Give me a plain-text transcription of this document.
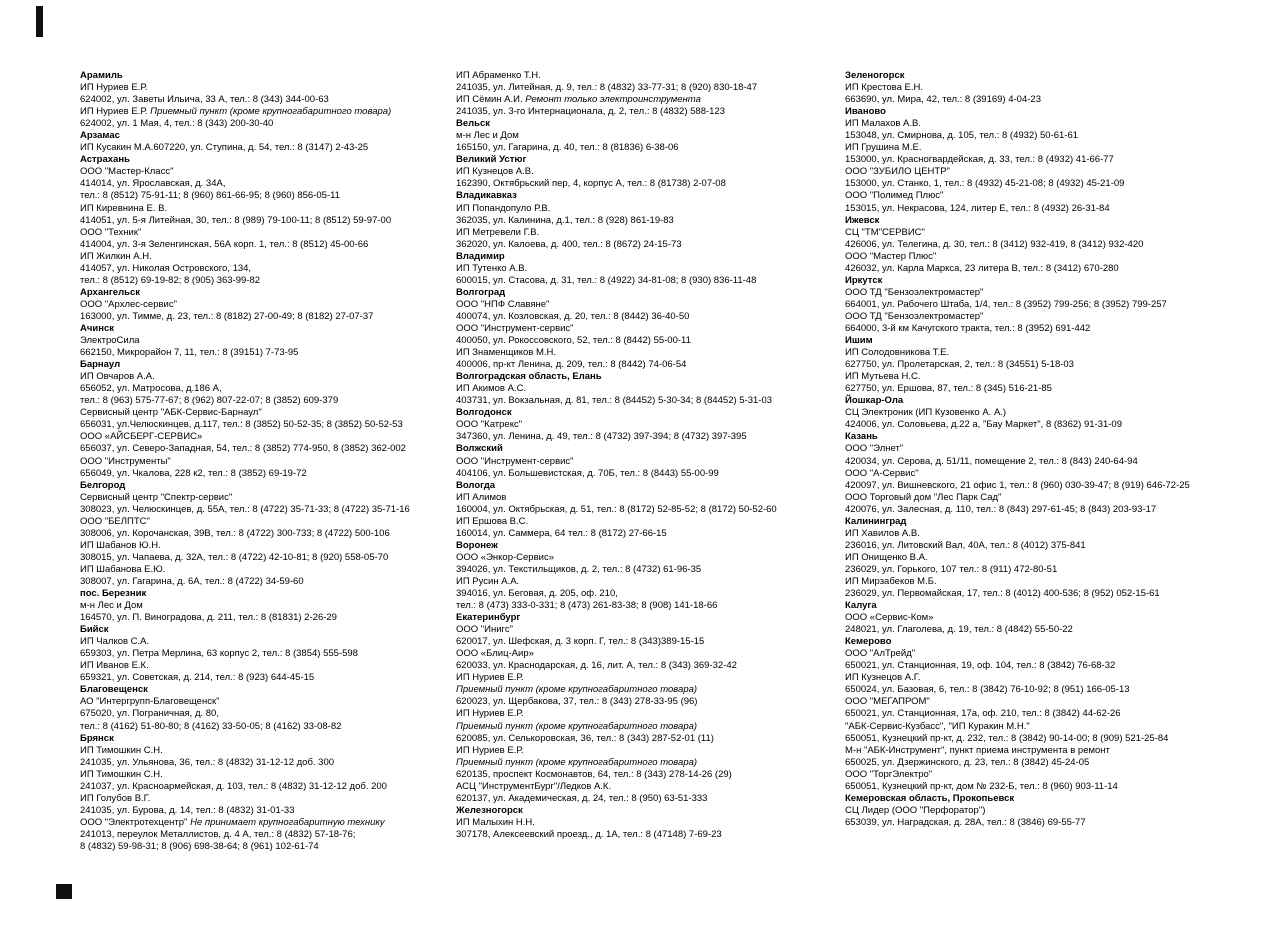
Арамиль
ИП Нуриев Е.Р.
624002, ул. Заветы Ильича, 33 А, тел.: 8 (343) 344-00-63
ИП Нуриев Е.Р. Приемный пункт (кроме крупногабаритного товара)
624002, ул. 1 Мая, 4, тел.: 8 (343) 200-30-40
Арзамас
ИП Кусакин М.А.607220, ул. Ступина, д. 54, тел.: 8 (3147) 2-43-25
Астрахань
ООО "Мастер-Класс"
414014, ул. Ярославская, д. 34А,
тел.: 8 (8512) 75-91-11; 8 (960) 861-66-95; 8 (960) 856-05-11
ИП Киревнина Е. В.
414051, ул. 5-я Литейная, 30, тел.: 8 (989) 79-100-11; 8 (8512) 59-97-00
ООО "Техник"
414004, ул. 3-я Зеленгинская, 56А корп. 1, тел.: 8 (8512) 45-00-66
ИП Жилкин А.Н.
414057, ул. Николая Островского, 134,
тел.: 8 (8512) 69-19-82; 8 (905) 363-99-82
Архангельск
ООО "Архлес-сервис"
163000, ул. Тимме, д. 23, тел.: 8 (8182) 27-00-49; 8 (8182) 27-07-37
Ачинск
ЭлектроСила
662150, Микрорайон 7, 11, тел.: 8 (39151) 7-73-95
Барнаул
ИП Овчаров А.А.
656052, ул. Матросова, д.186 А,
тел.: 8 (963) 575-77-67; 8 (962) 807-22-07; 8 (3852) 609-379
Сервисный центр "АБК-Сервис-Барнаул"
656031, ул.Челюскинцев, д.117, тел.: 8 (3852) 50-52-35; 8 (3852) 50-52-53
ООО «АЙСБЕРГ-СЕРВИС»
656037, ул. Северо-Западная, 54, тел.: 8 (3852) 774-950, 8 (3852) 362-002
ООО "Инструменты"
656049, ул. Чкалова, 228 к2, тел.: 8 (3852) 69-19-72
Белгород
Сервисный центр "Спектр-сервис"
308023, ул. Челюскинцев, д. 55А, тел.: 8 (4722) 35-71-33; 8 (4722) 35-71-16
ООО "БЕЛПТС"
308006, ул. Корочанская, 39В, тел.: 8 (4722) 300-733; 8 (4722) 500-106
ИП Шабанов Ю.Н.
308015, ул. Чапаева, д. 32А, тел.: 8 (4722) 42-10-81; 8 (920) 558-05-70
ИП Шабанова Е.Ю.
308007, ул. Гагарина, д. 6А, тел.: 8 (4722) 34-59-60
пос. Березник
м-н Лес и Дом
164570, ул. П. Виноградова, д. 211, тел.: 8 (81831) 2-26-29
Бийск
ИП Чалков С.А.
659303, ул. Петра Мерлина, 63 корпус 2, тел.: 8 (3854) 555-598
ИП Иванов Е.К.
659321, ул. Советская, д. 214, тел.: 8 (923) 644-45-15
Благовещенск
АО "Интергрупп-Благовещенск"
675020, ул. Пограничная, д. 80,
тел.: 8 (4162) 51-80-80; 8 (4162) 33-50-05; 8 (4162) 33-08-82
Брянск
ИП Тимошкин С.Н.
241035, ул. Ульянова, 36, тел.: 8 (4832) 31-12-12 доб. 300
ИП Тимошкин С.Н.
241037, ул. Красноармейская, д. 103, тел.: 8 (4832) 31-12-12 доб. 200
ИП Голубов В.Г.
241035, ул. Бурова, д. 14, тел.: 8 (4832) 31-01-33
ООО "Электротехцентр" Не принимает крупногабаритную технику
241013, переулок Металлистов, д. 4 А, тел.: 8 (4832) 57-18-76;
8 (4832) 59-98-31; 8 (906) 698-38-64; 8 (961) 102-61-74
ИП Абраменко Т.Н.
241035, ул. Литейная, д. 9, тел.: 8 (4832) 33-77-31; 8 (920) 830-18-47
ИП Сёмин А.И. Ремонт только электроинструмента
241035, ул. 3-го Интернационала, д. 2, тел.: 8 (4832) 588-123
Вельск
м-н Лес и Дом
165150, ул. Гагарина, д. 40, тел.: 8 (81836) 6-38-06
Великий Устюг
ИП Кузнецов А.В.
162390, Октябрьский пер, 4, корпус А, тел.: 8 (81738) 2-07-08
Владикавказ
ИП Попандопуло Р.В.
362035, ул. Калинина, д.1, тел.: 8 (928) 861-19-83
ИП Метревели Г.В.
362020, ул. Калоева, д. 400, тел.: 8 (8672) 24-15-73
Владимир
ИП Тутенко А.В.
600015, ул. Стасова, д. 31, тел.: 8 (4922) 34-81-08; 8 (930) 836-11-48
Волгоград
ООО "НПФ Славяне"
400074, ул. Козловская, д. 20, тел.: 8 (8442) 36-40-50
ООО "Инструмент-сервис"
400050, ул. Рокоссовского, 52, тел.: 8 (8442) 55-00-11
ИП Знаменщиков М.Н.
400006, пр-кт Ленина, д. 209, тел.: 8 (8442) 74-06-54
Волгоградская область, Елань
ИП Акимов А.С.
403731, ул. Вокзальная, д. 81, тел.: 8 (84452) 5-30-34; 8 (84452) 5-31-03
Волгодонск
ООО "Катрекс"
347360, ул. Ленина, д. 49, тел.: 8 (4732) 397-394; 8 (4732) 397-395
Волжский
ООО "Инструмент-сервис"
404106, ул. Большевистская, д. 70Б, тел.: 8 (8443) 55-00-99
Вологда
ИП Алимов
160004, ул. Октябрьская, д. 51, тел.: 8 (8172) 52-85-52; 8 (8172) 50-52-60
ИП Ершова В.С.
160014, ул. Саммера, 64 тел.: 8 (8172) 27-66-15
Воронеж
ООО «Энкор-Сервис»
394026, ул. Текстильщиков, д. 2, тел.: 8 (4732) 61-96-35
ИП Русин А.А.
394016, ул. Беговая, д. 205, оф. 210,
тел.: 8 (473) 333-0-331; 8 (473) 261-83-38; 8 (908) 141-18-66
Екатеринбург
ООО "Инигс"
620017, ул. Шефская, д. 3 корп. Г, тел.: 8 (343)389-15-15
ООО «Блиц-Аир»
620033, ул. Краснодарская, д. 16, лит. А, тел.: 8 (343) 369-32-42
ИП Нуриев Е.Р.
Приемный пункт (кроме крупногабаритного товара)
620023, ул. Щербакова, 37, тел.: 8 (343) 278-33-95 (96)
ИП Нуриев Е.Р.
Приемный пункт (кроме крупногабаритного товара)
620085, ул. Селькоровская, 36, тел.: 8 (343) 287-52-01 (11)
ИП Нуриев Е.Р.
Приемный пункт (кроме крупногабаритного товара)
620135, проспект Космонавтов, 64, тел.: 8 (343) 278-14-26 (29)
АСЦ "ИнструментБург"/Ледков А.К.
620137, ул. Академическая, д. 24, тел.: 8 (950) 63-51-333
Железногорск
ИП Малыхин Н.Н.
307178, Алексеевский проезд., д. 1А, тел.: 8 (47148) 7-69-23
Зеленогорск
ИП Крестова Е.Н.
663690, ул. Мира, 42, тел.: 8 (39169) 4-04-23
Иваново
ИП Малахов А.В.
153048, ул. Смирнова, д. 105, тел.: 8 (4932) 50-61-61
ИП Грушина М.Е.
153000, ул. Красногвардейская, д. 33, тел.: 8 (4932) 41-66-77
ООО "ЗУБИЛО ЦЕНТР"
153000, ул. Станко, 1, тел.: 8 (4932) 45-21-08; 8 (4932) 45-21-09
ООО "Полимед Плюс"
153015, ул. Некрасова, 124, литер Е, тел.: 8 (4932) 26-31-84
Ижевск
СЦ "ТМ"СЕРВИС"
426006, ул. Телегина, д. 30, тел.: 8 (3412) 932-419, 8 (3412) 932-420
ООО "Мастер Плюс"
426032, ул. Карла Маркса, 23 литера В, тел.: 8 (3412) 670-280
Иркутск
ООО ТД "Бензоэлектромастер"
664001, ул. Рабочего Штаба, 1/4, тел.: 8 (3952) 799-256; 8 (3952) 799-257
ООО ТД "Бензоэлектромастер"
664000, 3-й км Качугского тракта, тел.: 8 (3952) 691-442
Ишим
ИП Солодовникова Т.Е.
627750, ул. Пролетарская, 2, тел.: 8 (34551) 5-18-03
ИП Мутьева Н.С.
627750, ул. Ершова, 87, тел.: 8 (345) 516-21-85
Йошкар-Ола
СЦ Электроник (ИП Кузовенко А. А.)
424006, ул. Соловьева, д.22 а, "Бау Маркет", 8 (8362) 91-31-09
Казань
ООО "Элнет"
420034, ул. Серова, д. 51/11, помещение 2, тел.: 8 (843) 240-64-94
ООО "А-Сервис"
420097, ул. Вишневского, 21 офис 1, тел.: 8 (960) 030-39-47; 8 (919) 646-72-25
ООО Торговый дом "Лес Парк Сад"
420076, ул. Залесная, д. 110, тел.: 8 (843) 297-61-45; 8 (843) 203-93-17
Калининград
ИП Хавилов А.В.
236016, ул. Литовский Вал, 40А, тел.: 8 (4012) 375-841
ИП Онищенко В.А.
236029, ул. Горького, 107 тел.: 8 (911) 472-80-51
ИП Мирзабеков М.Б.
236029, ул. Первомайская, 17, тел.: 8 (4012) 400-536; 8 (952) 052-15-61
Калуга
ООО «Сервис-Ком»
248021, ул. Глаголева, д. 19, тел.: 8 (4842) 55-50-22
Кемерово
ООО "АлТрейд"
650021, ул. Станционная, 19, оф. 104, тел.: 8 (3842) 76-68-32
ИП Кузнецов А.Г.
650024, ул. Базовая, 6, тел.: 8 (3842) 76-10-92; 8 (951) 166-05-13
ООО "МЕГАПРОМ"
650021, ул. Станционная, 17а, оф. 210, тел.: 8 (3842) 44-62-26
"АБК-Сервис-Кузбасс", "ИП Куракин М.Н."
650051, Кузнецкий пр-кт, д. 232, тел.: 8 (3842) 90-14-00; 8 (909) 521-25-84
М-н "АБК-Инструмент", пункт приема инструмента в ремонт
650025, ул. Дзержинского, д. 23, тел.: 8 (3842) 45-24-05
ООО "ТоргЭлектро"
650051, Кузнецкий пр-кт, дом № 232-Б, тел.: 8 (960) 903-11-14
Кемеровская область, Прокопьевск
СЦ Лидер (ООО "Перфоратор")
653039, ул. Наградская, д. 28А, тел.: 8 (3846) 69-55-77
